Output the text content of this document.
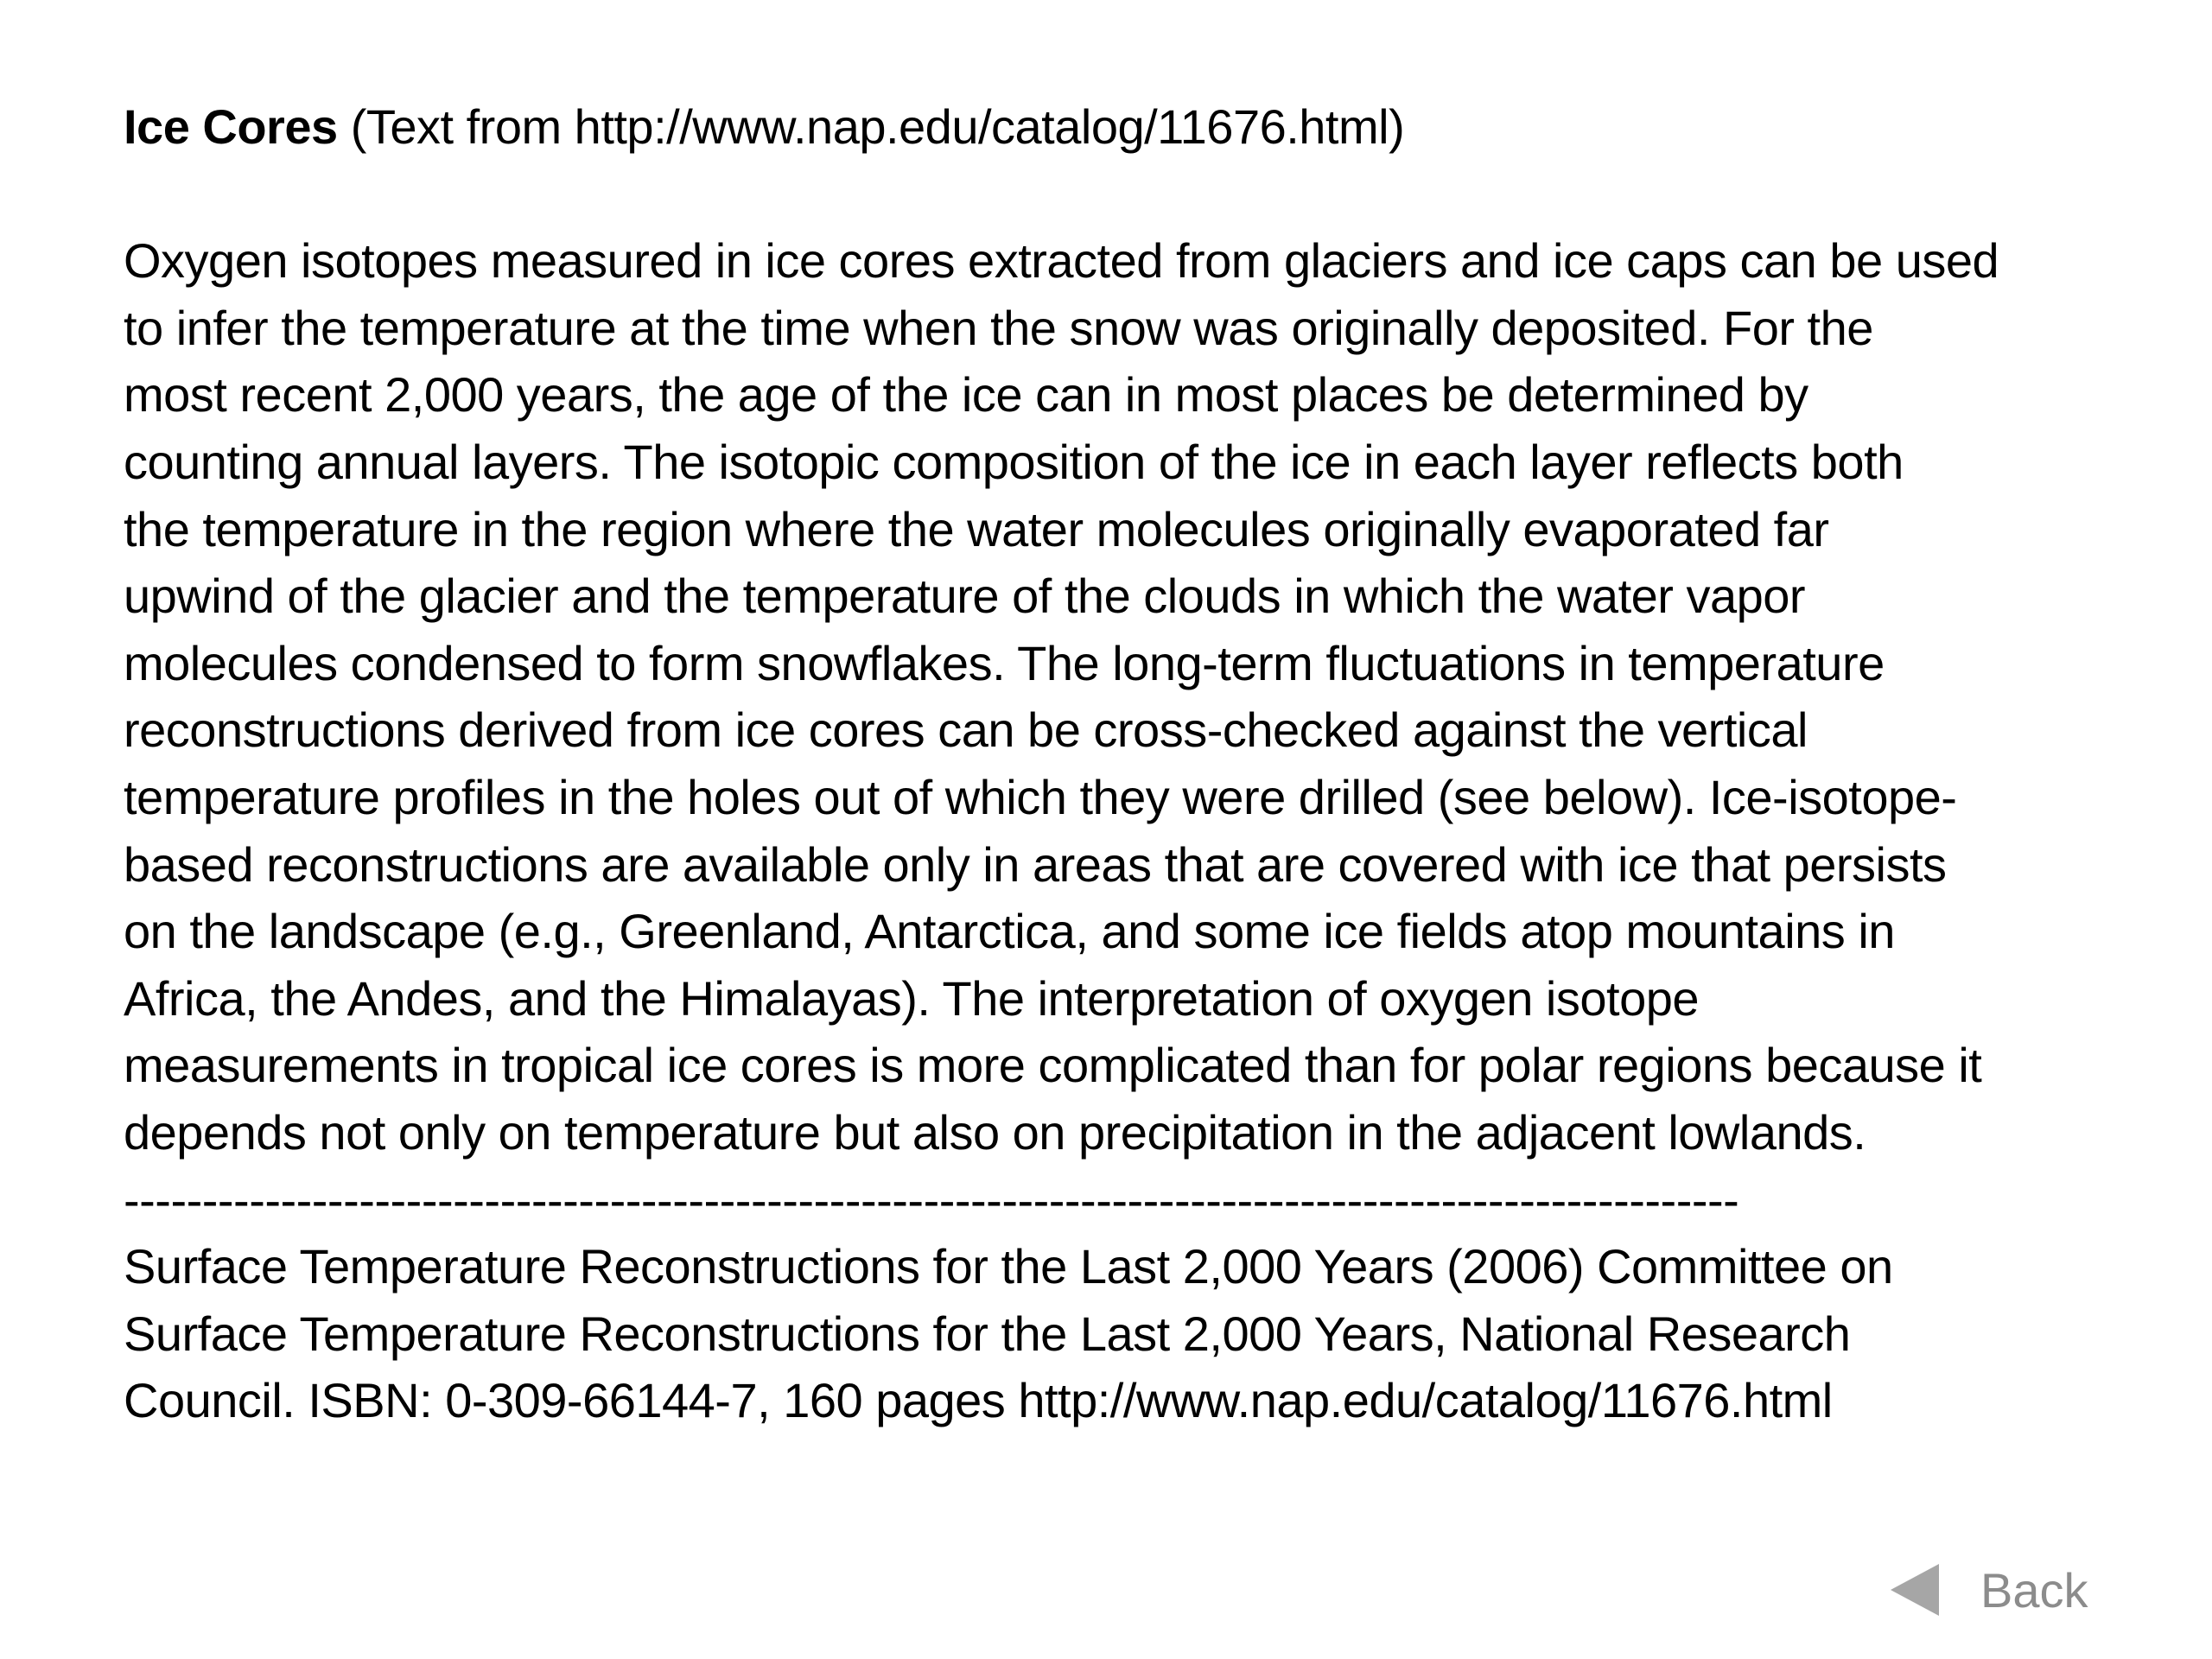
Ice Cores (Text from http://www.nap.edu/catalog/11676.html)
Oxygen isotopes measured in ice cores extracted from glaciers and ice caps can be used
to infer the temperature at the time when the snow was originally deposited. For the
most recent 2,000 years, the age of the ice can in most places be determined by
counting annual layers. The isotopic composition of the ice in each layer reflects both
the temperature in the region where the water molecules originally evaporated far
upwind of the glacier and the temperature of the clouds in which the water vapor
molecules condensed to form snowflakes. The long-term fluctuations in temperature
reconstructions derived from ice cores can be cross-checked against the vertical
temperature profiles in the holes out of which they were drilled (see below). Ice-isotope-
based reconstructions are available only in areas that are covered with ice that persists
on the landscape (e.g., Greenland, Antarctica, and some ice fields atop mountains in
Africa, the Andes, and the Himalayas). The interpretation of oxygen isotope
measurements in tropical ice cores is more complicated than for polar regions because it
depends not only on temperature but also on precipitation in the adjacent lowlands.
-------------------------------------------------------------------------------------------------------
Surface Temperature Reconstructions for the Last 2,000 Years (2006) Committee on
Surface Temperature Reconstructions for the Last 2,000 Years, National Research
Council. ISBN: 0-309-66144-7, 160 pages http://www.nap.edu/catalog/11676.html
Back
